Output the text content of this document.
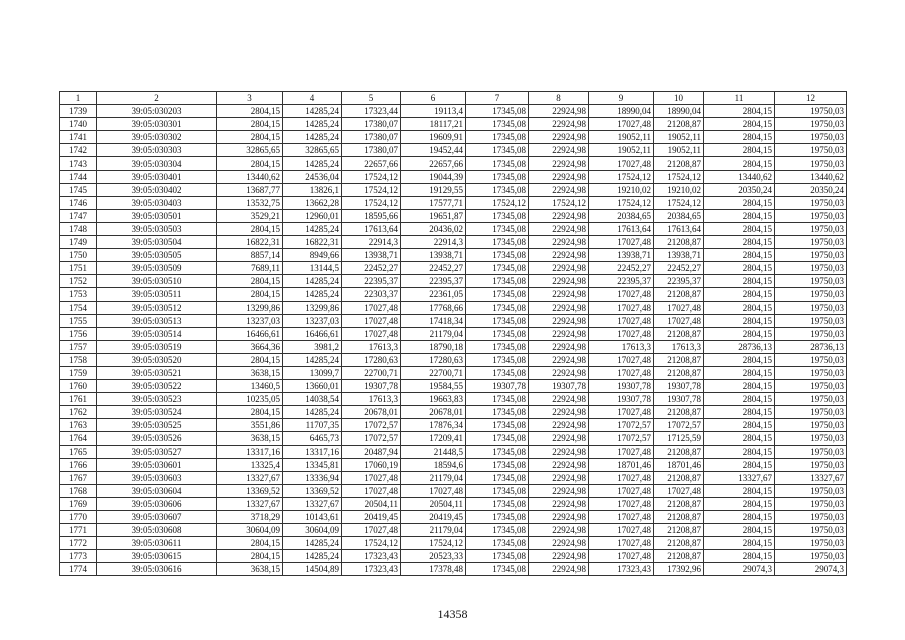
1	2	3	4	5	6	7	8	9	10	11	12
1739	39:05:030203	2804,15	14285,24	17323,44	19113,4	17345,08	22924,98	18990,04	18990,04	2804,15	19750,03
1740	39:05:030301	2804,15	14285,24	17380,07	18117,21	17345,08	22924,98	17027,48	21208,87	2804,15	19750,03
1741	39:05:030302	2804,15	14285,24	17380,07	19609,91	17345,08	22924,98	19052,11	19052,11	2804,15	19750,03
1742	39:05:030303	32865,65	32865,65	17380,07	19452,44	17345,08	22924,98	19052,11	19052,11	2804,15	19750,03
1743	39:05:030304	2804,15	14285,24	22657,66	22657,66	17345,08	22924,98	17027,48	21208,87	2804,15	19750,03
1744	39:05:030401	13440,62	24536,04	17524,12	19044,39	17345,08	22924,98	17524,12	17524,12	13440,62	13440,62
1745	39:05:030402	13687,77	13826,1	17524,12	19129,55	17345,08	22924,98	19210,02	19210,02	20350,24	20350,24
1746	39:05:030403	13532,75	13662,28	17524,12	17577,71	17524,12	17524,12	17524,12	17524,12	2804,15	19750,03
1747	39:05:030501	3529,21	12960,01	18595,66	19651,87	17345,08	22924,98	20384,65	20384,65	2804,15	19750,03
1748	39:05:030503	2804,15	14285,24	17613,64	20436,02	17345,08	22924,98	17613,64	17613,64	2804,15	19750,03
1749	39:05:030504	16822,31	16822,31	22914,3	22914,3	17345,08	22924,98	17027,48	21208,87	2804,15	19750,03
1750	39:05:030505	8857,14	8949,66	13938,71	13938,71	17345,08	22924,98	13938,71	13938,71	2804,15	19750,03
1751	39:05:030509	7689,11	13144,5	22452,27	22452,27	17345,08	22924,98	22452,27	22452,27	2804,15	19750,03
1752	39:05:030510	2804,15	14285,24	22395,37	22395,37	17345,08	22924,98	22395,37	22395,37	2804,15	19750,03
1753	39:05:030511	2804,15	14285,24	22303,37	22361,05	17345,08	22924,98	17027,48	21208,87	2804,15	19750,03
1754	39:05:030512	13299,86	13299,86	17027,48	17768,66	17345,08	22924,98	17027,48	17027,48	2804,15	19750,03
1755	39:05:030513	13237,03	13237,03	17027,48	17418,34	17345,08	22924,98	17027,48	17027,48	2804,15	19750,03
1756	39:05:030514	16466,61	16466,61	17027,48	21179,04	17345,08	22924,98	17027,48	21208,87	2804,15	19750,03
1757	39:05:030519	3664,36	3981,2	17613,3	18790,18	17345,08	22924,98	17613,3	17613,3	28736,13	28736,13
1758	39:05:030520	2804,15	14285,24	17280,63	17280,63	17345,08	22924,98	17027,48	21208,87	2804,15	19750,03
1759	39:05:030521	3638,15	13099,7	22700,71	22700,71	17345,08	22924,98	17027,48	21208,87	2804,15	19750,03
1760	39:05:030522	13460,5	13660,01	19307,78	19584,55	19307,78	19307,78	19307,78	19307,78	2804,15	19750,03
1761	39:05:030523	10235,05	14038,54	17613,3	19663,83	17345,08	22924,98	19307,78	19307,78	2804,15	19750,03
1762	39:05:030524	2804,15	14285,24	20678,01	20678,01	17345,08	22924,98	17027,48	21208,87	2804,15	19750,03
1763	39:05:030525	3551,86	11707,35	17072,57	17876,34	17345,08	22924,98	17072,57	17072,57	2804,15	19750,03
1764	39:05:030526	3638,15	6465,73	17072,57	17209,41	17345,08	22924,98	17072,57	17125,59	2804,15	19750,03
1765	39:05:030527	13317,16	13317,16	20487,94	21448,5	17345,08	22924,98	17027,48	21208,87	2804,15	19750,03
1766	39:05:030601	13325,4	13345,81	17060,19	18594,6	17345,08	22924,98	18701,46	18701,46	2804,15	19750,03
1767	39:05:030603	13327,67	13336,94	17027,48	21179,04	17345,08	22924,98	17027,48	21208,87	13327,67	13327,67
1768	39:05:030604	13369,52	13369,52	17027,48	17027,48	17345,08	22924,98	17027,48	17027,48	2804,15	19750,03
1769	39:05:030606	13327,67	13327,67	20504,11	20504,11	17345,08	22924,98	17027,48	21208,87	2804,15	19750,03
1770	39:05:030607	3718,29	10143,61	20419,45	20419,45	17345,08	22924,98	17027,48	21208,87	2804,15	19750,03
1771	39:05:030608	30604,09	30604,09	17027,48	21179,04	17345,08	22924,98	17027,48	21208,87	2804,15	19750,03
1772	39:05:030611	2804,15	14285,24	17524,12	17524,12	17345,08	22924,98	17027,48	21208,87	2804,15	19750,03
1773	39:05:030615	2804,15	14285,24	17323,43	20523,33	17345,08	22924,98	17027,48	21208,87	2804,15	19750,03
1774	39:05:030616	3638,15	14504,89	17323,43	17378,48	17345,08	22924,98	17323,43	17392,96	29074,3	29074,3
14358
